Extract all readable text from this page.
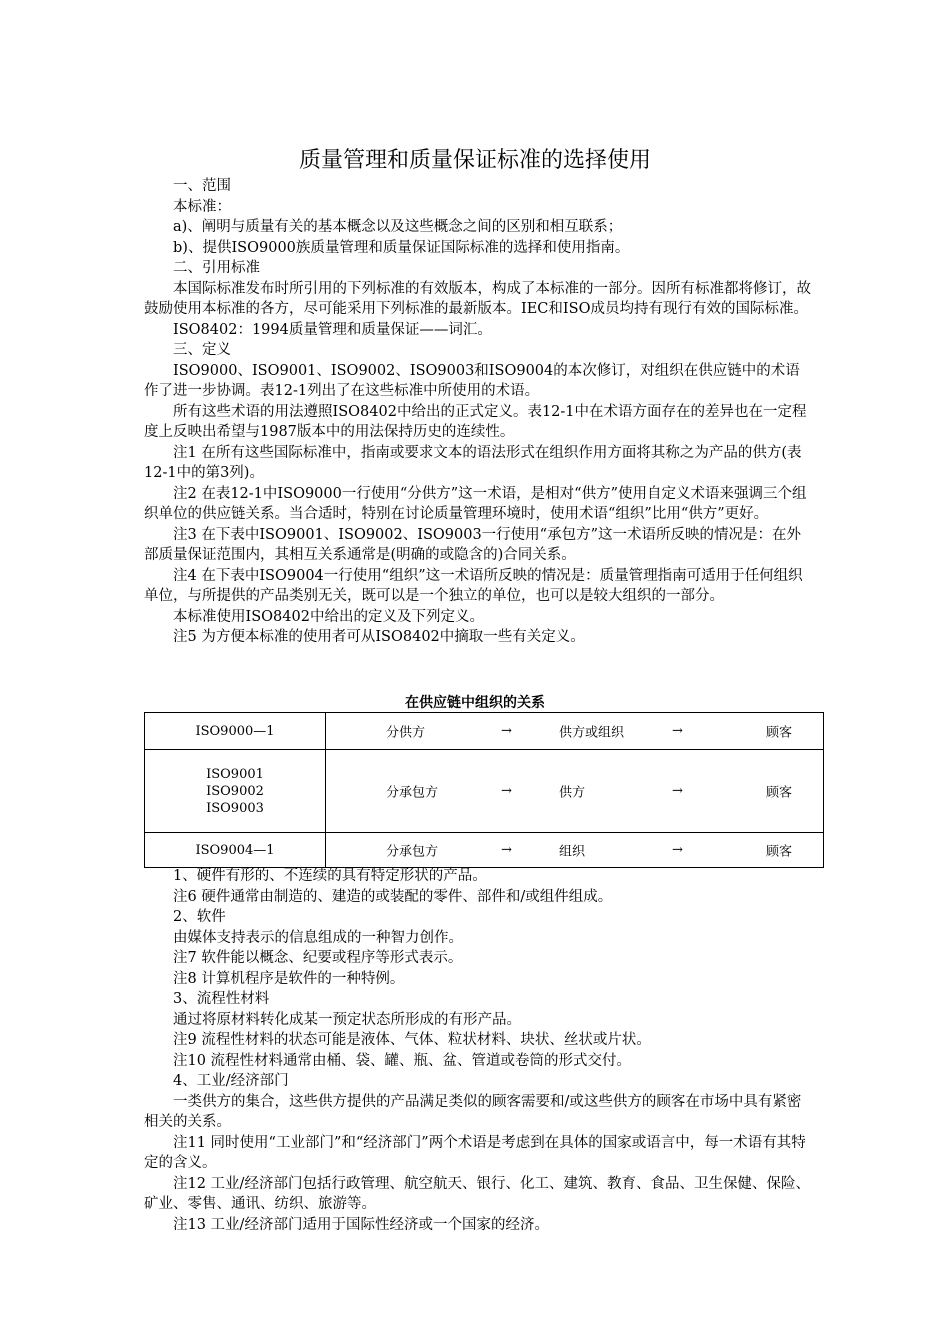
质量管理和质量保证标准的选择使用

一、范围

本标准：

a)、阐明与质量有关的基本概念以及这些概念之间的区别和相互联系；

b)、提供ISO9000族质量管理和质量保证国际标准的选择和使用指南。

二、引用标准

本国际标准发布时所引用的下列标准的有效版本，构成了本标准的一部分。因所有标准都将修订，故鼓励使用本标准的各方，尽可能采用下列标准的最新版本。IEC和ISO成员均持有现行有效的国际标准。

ISO8402：1994质量管理和质量保证——词汇。

三、定义

ISO9000、ISO9001、ISO9002、ISO9003和ISO9004的本次修订，对组织在供应链中的术语作了进一步协调。表12-1列出了在这些标准中所使用的术语。

所有这些术语的用法遵照ISO8402中给出的正式定义。表12-1中在术语方面存在的差异也在一定程度上反映出希望与1987版本中的用法保持历史的连续性。

注1 在所有这些国际标准中，指南或要求文本的语法形式在组织作用方面将其称之为产品的供方(表12-1中的第3列)。

注2 在表12-1中ISO9000一行使用“分供方”这一术语，是相对“供方”使用自定义术语来强调三个组织单位的供应链关系。当合适时，特别在讨论质量管理环境时，使用术语“组织”比用“供方”更好。

注3 在下表中ISO9001、ISO9002、ISO9003一行使用“承包方”这一术语所反映的情况是：在外部质量保证范围内，其相互关系通常是(明确的或隐含的)合同关系。

注4 在下表中ISO9004一行使用“组织”这一术语所反映的情况是：质量管理指南可适用于任何组织单位，与所提供的产品类别无关，既可以是一个独立的单位，也可以是较大组织的一部分。

本标准使用ISO8402中给出的定义及下列定义。

注5 为方便本标准的使用者可从ISO8402中摘取一些有关定义。

在供应链中组织的关系

ISO9000—1	分供方 → 供方或组织 → 顾客

ISO9001
ISO9002
ISO9003	分承包方 → 供方 → 顾客

ISO9004—1	分承包方 → 组织 → 顾客

1、硬件有形的、不连续的具有特定形状的产品。

注6 硬件通常由制造的、建造的或装配的零件、部件和/或组件组成。

2、软件

由媒体支持表示的信息组成的一种智力创作。

注7 软件能以概念、纪要或程序等形式表示。

注8 计算机程序是软件的一种特例。

3、流程性材料

通过将原材料转化成某一预定状态所形成的有形产品。

注9 流程性材料的状态可能是液体、气体、粒状材料、块状、丝状或片状。

注10 流程性材料通常由桶、袋、罐、瓶、盆、管道或卷筒的形式交付。

4、工业/经济部门

一类供方的集合，这些供方提供的产品满足类似的顾客需要和/或这些供方的顾客在市场中具有紧密相关的关系。

注11 同时使用“工业部门”和“经济部门”两个术语是考虑到在具体的国家或语言中，每一术语有其特定的含义。

注12 工业/经济部门包括行政管理、航空航天、银行、化工、建筑、教育、食品、卫生保健、保险、矿业、零售、通讯、纺织、旅游等。

注13 工业/经济部门适用于国际性经济或一个国家的经济。
